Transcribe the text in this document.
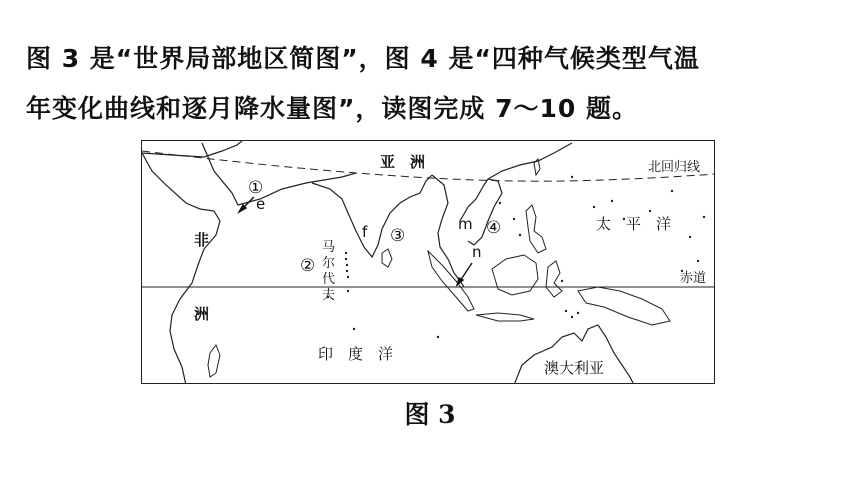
图 3 是“世界局部地区简图”，图 4 是“四种气候类型气温
年变化曲线和逐月降水量图”，读图完成 7～10 题。

亚　洲
非
洲
印　度　洋
太　平　洋
澳大利亚
北回归线
赤道
马
尔
代
夫
①
②
③	④
e
f	m
n
图 3
